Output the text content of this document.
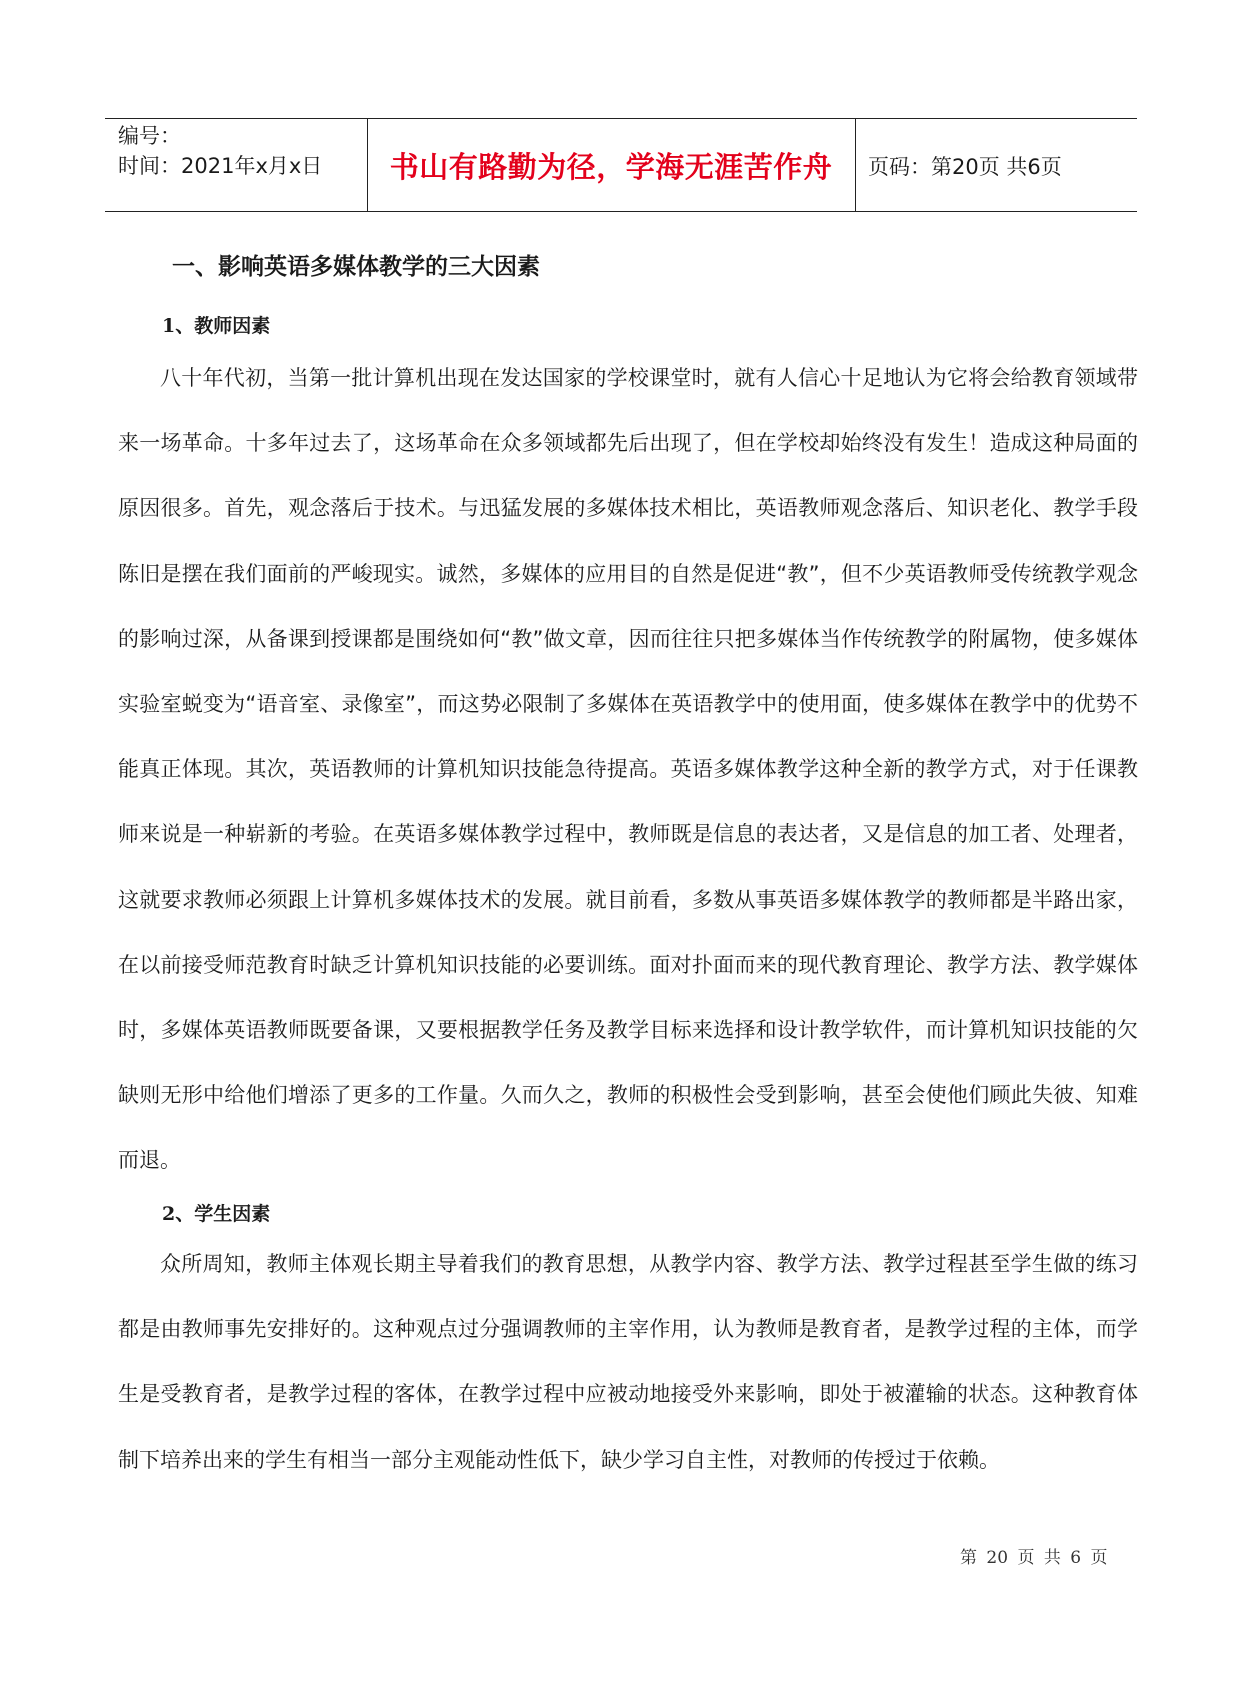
编号：
时间：2021年x月x日	书山有路勤为径，学海无涯苦作舟	页码：第20页 共6页
一、影响英语多媒体教学的三大因素
1、教师因素
八十年代初，当第一批计算机出现在发达国家的学校课堂时，就有人信心十足地认为它将会给教育领域带来一场革命。十多年过去了，这场革命在众多领域都先后出现了，但在学校却始终没有发生！造成这种局面的原因很多。首先，观念落后于技术。与迅猛发展的多媒体技术相比，英语教师观念落后、知识老化、教学手段陈旧是摆在我们面前的严峻现实。诚然，多媒体的应用目的自然是促进“教”，但不少英语教师受传统教学观念的影响过深，从备课到授课都是围绕如何“教”做文章，因而往往只把多媒体当作传统教学的附属物，使多媒体实验室蜕变为“语音室、录像室”，而这势必限制了多媒体在英语教学中的使用面，使多媒体在教学中的优势不能真正体现。其次，英语教师的计算机知识技能急待提高。英语多媒体教学这种全新的教学方式，对于任课教师来说是一种崭新的考验。在英语多媒体教学过程中，教师既是信息的表达者，又是信息的加工者、处理者，这就要求教师必须跟上计算机多媒体技术的发展。就目前看，多数从事英语多媒体教学的教师都是半路出家，在以前接受师范教育时缺乏计算机知识技能的必要训练。面对扑面而来的现代教育理论、教学方法、教学媒体时，多媒体英语教师既要备课，又要根据教学任务及教学目标来选择和设计教学软件，而计算机知识技能的欠缺则无形中给他们增添了更多的工作量。久而久之，教师的积极性会受到影响，甚至会使他们顾此失彼、知难而退。
2、学生因素
众所周知，教师主体观长期主导着我们的教育思想，从教学内容、教学方法、教学过程甚至学生做的练习都是由教师事先安排好的。这种观点过分强调教师的主宰作用，认为教师是教育者，是教学过程的主体，而学生是受教育者，是教学过程的客体，在教学过程中应被动地接受外来影响，即处于被灌输的状态。这种教育体制下培养出来的学生有相当一部分主观能动性低下，缺少学习自主性，对教师的传授过于依赖。
第 20 页 共 6 页
